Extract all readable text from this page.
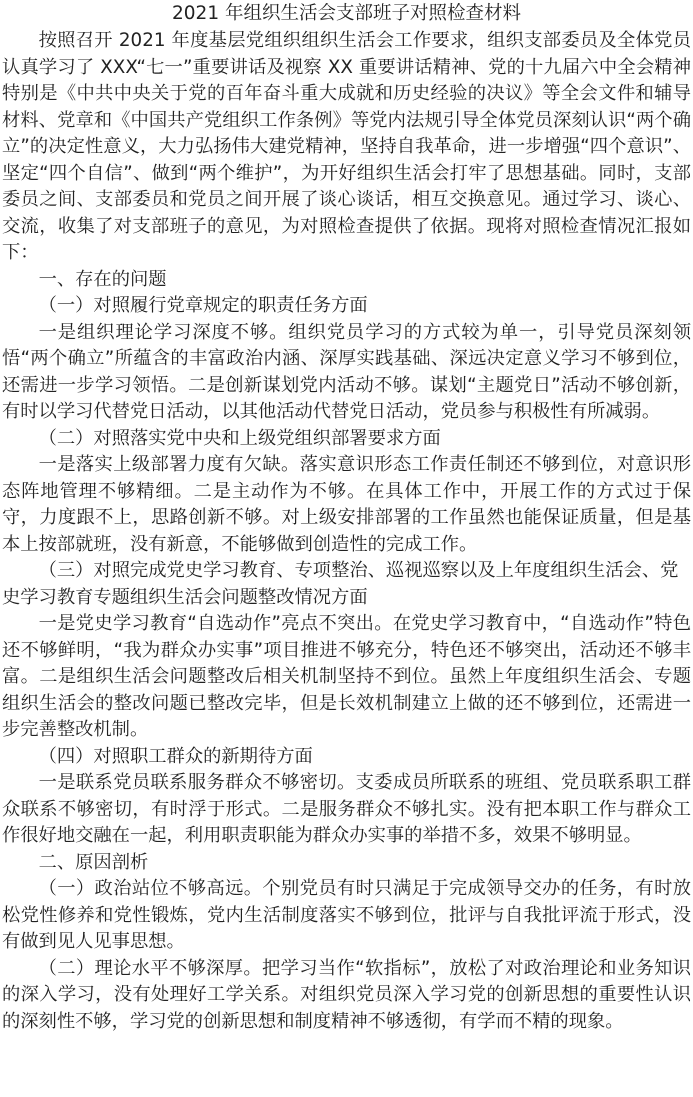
2021 年组织生活会支部班子对照检查材料

按照召开 2021 年度基层党组织组织生活会工作要求，组织支部委员及全体党员认真学习了 XXX“七一”重要讲话及视察 XX 重要讲话精神、党的十九届六中全会精神特别是《中共中央关于党的百年奋斗重大成就和历史经验的决议》等全会文件和辅导材料、党章和《中国共产党组织工作条例》等党内法规引导全体党员深刻认识“两个确立”的决定性意义，大力弘扬伟大建党精神，坚持自我革命，进一步增强“四个意识”、坚定“四个自信”、做到“两个维护”，为开好组织生活会打牢了思想基础。同时，支部委员之间、支部委员和党员之间开展了谈心谈话，相互交换意见。通过学习、谈心、交流，收集了对支部班子的意见，为对照检查提供了依据。现将对照检查情况汇报如下：

一、存在的问题

（一）对照履行党章规定的职责任务方面

一是组织理论学习深度不够。组织党员学习的方式较为单一，引导党员深刻领悟“两个确立”所蕴含的丰富政治内涵、深厚实践基础、深远决定意义学习不够到位，还需进一步学习领悟。二是创新谋划党内活动不够。谋划“主题党日”活动不够创新，有时以学习代替党日活动，以其他活动代替党日活动，党员参与积极性有所减弱。

（二）对照落实党中央和上级党组织部署要求方面

一是落实上级部署力度有欠缺。落实意识形态工作责任制还不够到位，对意识形态阵地管理不够精细。二是主动作为不够。在具体工作中，开展工作的方式过于保守，力度跟不上，思路创新不够。对上级安排部署的工作虽然也能保证质量，但是基本上按部就班，没有新意，不能够做到创造性的完成工作。

（三）对照完成党史学习教育、专项整治、巡视巡察以及上年度组织生活会、党史学习教育专题组织生活会问题整改情况方面

一是党史学习教育“自选动作”亮点不突出。在党史学习教育中，“自选动作”特色还不够鲜明，“我为群众办实事”项目推进不够充分，特色还不够突出，活动还不够丰富。二是组织生活会问题整改后相关机制坚持不到位。虽然上年度组织生活会、专题组织生活会的整改问题已整改完毕，但是长效机制建立上做的还不够到位，还需进一步完善整改机制。

（四）对照职工群众的新期待方面

一是联系党员联系服务群众不够密切。支委成员所联系的班组、党员联系职工群众联系不够密切，有时浮于形式。二是服务群众不够扎实。没有把本职工作与群众工作很好地交融在一起，利用职责职能为群众办实事的举措不多，效果不够明显。

二、原因剖析

（一）政治站位不够高远。个别党员有时只满足于完成领导交办的任务，有时放松党性修养和党性锻炼，党内生活制度落实不够到位，批评与自我批评流于形式，没有做到见人见事思想。

（二）理论水平不够深厚。把学习当作“软指标”，放松了对政治理论和业务知识的深入学习，没有处理好工学关系。对组织党员深入学习党的创新思想的重要性认识的深刻性不够，学习党的创新思想和制度精神不够透彻，有学而不精的现象。
